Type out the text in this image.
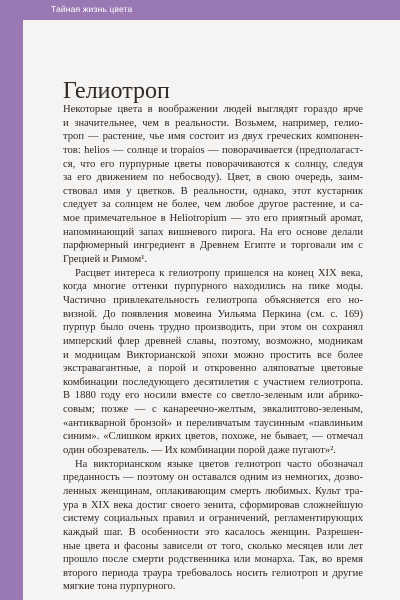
Тайная жизнь цвета
Гелиотроп
Некоторые цвета в воображении людей выглядят гораздо ярче
и значительнее, чем в реальности. Возьмем, например, гелио-
троп — растение, чье имя состоит из двух греческих компонен-
тов: helios — солнце и tropaios — поворачивается (предполагаст-
ся, что его пурпурные цветы поворачиваются к солнцу, следуя
за его движением по небосводу). Цвет, в свою очередь, заим-
ствовал имя у цветков. В реальности, однако, этот кустарник
следует за солнцем не более, чем любое другое растение, и са-
мое примечательное в Heliotropium — это его приятный аромат,
напоминающий запах вишневого пирога. На его основе делали
парфюмерный ингредиент в Древнем Египте и торговали им с
Грецией и Римом¹.
Расцвет интереса к гелиотропу пришелся на конец XIX века,
когда многие оттенки пурпурного находились на пике моды.
Частично привлекательность гелиотропа объясняется его но-
визной. До появления мовеина Уильяма Перкина (см. с. 169)
пурпур было очень трудно производить, при этом он сохранял
имперский флер древней славы, поэтому, возможно, модникам
и модницам Викторианской эпохи можно простить все более
экстравагантные, а порой и откровенно аляповатые цветовые
комбинации последующего десятилетия с участием гелиотропа.
В 1880 году его носили вместе со светло-зеленым или абрико-
совым; позже — с канареечно-желтым, эвкалиптово-зеленым,
«антикварной бронзой» и переливчатым таусинным «павлиньим
синим». «Слишком ярких цветов, похоже, не бывает, — отмечал
один обозреватель. — Их комбинации порой даже пугают»².
На викторианском языке цветов гелиотроп часто обозначал
преданность — поэтому он оставался одним из немногих, дозво-
ленных женщинам, оплакивающим смерть любимых. Культ тра-
ура в XIX века достиг своего зенита, сформировав сложнейшую
систему социальных правил и ограничений, регламентирующих
каждый шаг. В особенности это касалось женщин. Разрешен-
ные цвета и фасоны зависели от того, сколько месяцев или лет
прошло после смерти родственника или монарха. Так, во время
второго периода траура требовалось носить гелиотроп и другие
мягкие тона пурпурного.
